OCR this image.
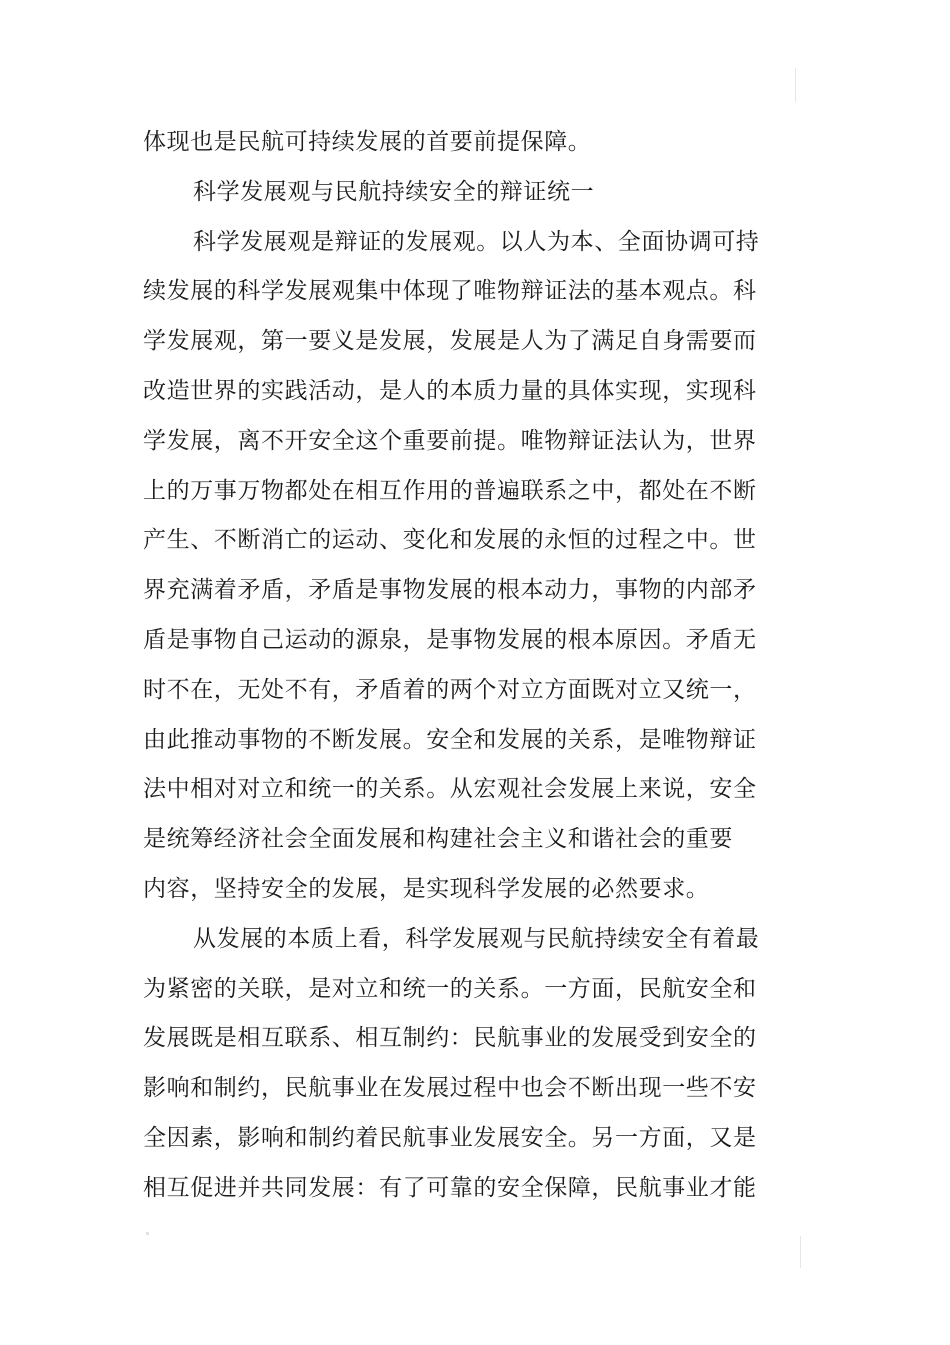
体现也是民航可持续发展的首要前提保障。

科学发展观与民航持续安全的辩证统一

科学发展观是辩证的发展观。以人为本、全面协调可持
续发展的科学发展观集中体现了唯物辩证法的基本观点。科
学发展观，第一要义是发展，发展是人为了满足自身需要而
改造世界的实践活动，是人的本质力量的具体实现，实现科
学发展，离不开安全这个重要前提。唯物辩证法认为，世界
上的万事万物都处在相互作用的普遍联系之中，都处在不断
产生、不断消亡的运动、变化和发展的永恒的过程之中。世
界充满着矛盾，矛盾是事物发展的根本动力，事物的内部矛
盾是事物自己运动的源泉，是事物发展的根本原因。矛盾无
时不在，无处不有，矛盾着的两个对立方面既对立又统一，
由此推动事物的不断发展。安全和发展的关系，是唯物辩证
法中相对对立和统一的关系。从宏观社会发展上来说，安全
是统筹经济社会全面发展和构建社会主义和谐社会的重要
内容，坚持安全的发展，是实现科学发展的必然要求。

从发展的本质上看，科学发展观与民航持续安全有着最
为紧密的关联，是对立和统一的关系。一方面，民航安全和
发展既是相互联系、相互制约：民航事业的发展受到安全的
影响和制约，民航事业在发展过程中也会不断出现一些不安
全因素，影响和制约着民航事业发展安全。另一方面，又是
相互促进并共同发展：有了可靠的安全保障，民航事业才能
